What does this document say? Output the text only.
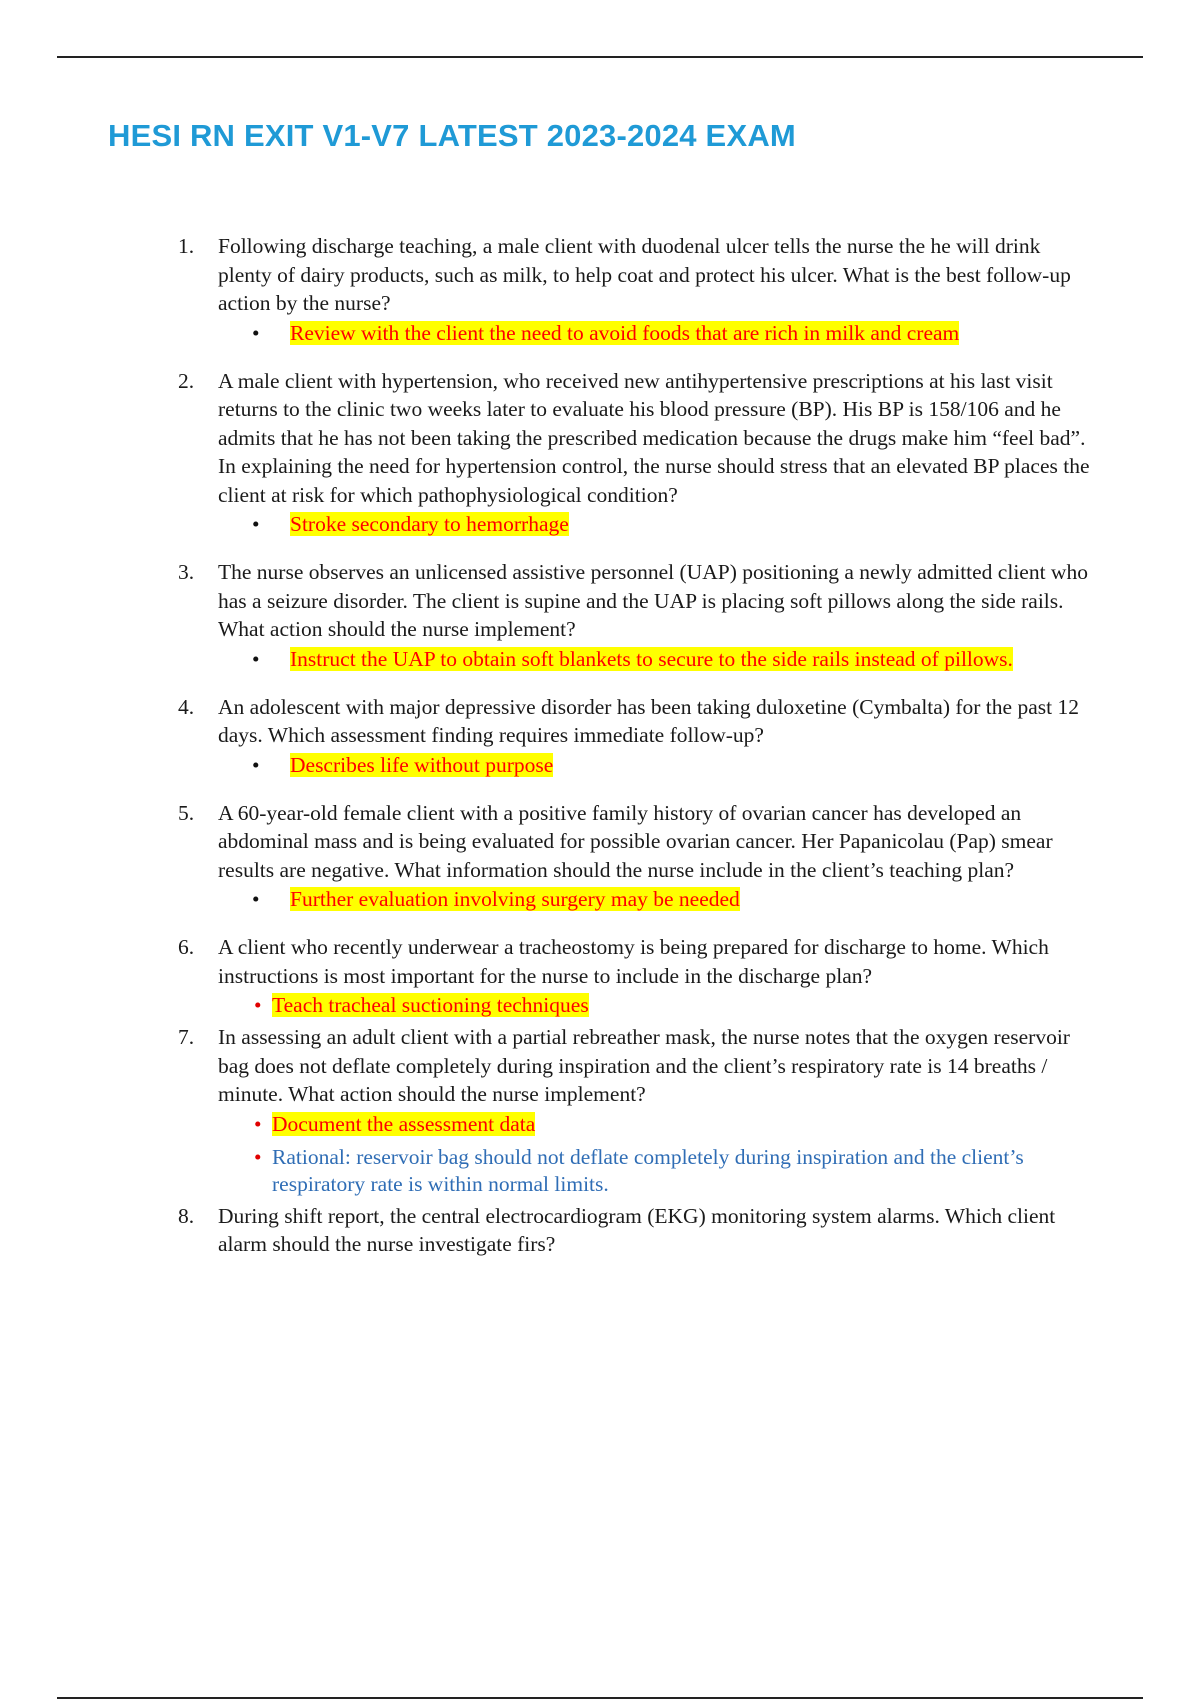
HESI RN EXIT V1-V7 LATEST 2023-2024 EXAM
1. Following discharge teaching, a male client with duodenal ulcer tells the nurse the he will drink plenty of dairy products, such as milk, to help coat and protect his ulcer. What is the best follow-up action by the nurse?
• Review with the client the need to avoid foods that are rich in milk and cream
2. A male client with hypertension, who received new antihypertensive prescriptions at his last visit returns to the clinic two weeks later to evaluate his blood pressure (BP). His BP is 158/106 and he admits that he has not been taking the prescribed medication because the drugs make him “feel bad”. In explaining the need for hypertension control, the nurse should stress that an elevated BP places the client at risk for which pathophysiological condition?
• Stroke secondary to hemorrhage
3. The nurse observes an unlicensed assistive personnel (UAP) positioning a newly admitted client who has a seizure disorder. The client is supine and the UAP is placing soft pillows along the side rails. What action should the nurse implement?
• Instruct the UAP to obtain soft blankets to secure to the side rails instead of pillows.
4. An adolescent with major depressive disorder has been taking duloxetine (Cymbalta) for the past 12 days. Which assessment finding requires immediate follow-up?
• Describes life without purpose
5. A 60-year-old female client with a positive family history of ovarian cancer has developed an abdominal mass and is being evaluated for possible ovarian cancer. Her Papanicolau (Pap) smear results are negative. What information should the nurse include in the client’s teaching plan?
• Further evaluation involving surgery may be needed
6. A client who recently underwear a tracheostomy is being prepared for discharge to home. Which instructions is most important for the nurse to include in the discharge plan?
• Teach tracheal suctioning techniques
7. In assessing an adult client with a partial rebreather mask, the nurse notes that the oxygen reservoir bag does not deflate completely during inspiration and the client’s respiratory rate is 14 breaths / minute. What action should the nurse implement?
• Document the assessment data
• Rational: reservoir bag should not deflate completely during inspiration and the client’s respiratory rate is within normal limits.
8. During shift report, the central electrocardiogram (EKG) monitoring system alarms. Which client alarm should the nurse investigate firs?
